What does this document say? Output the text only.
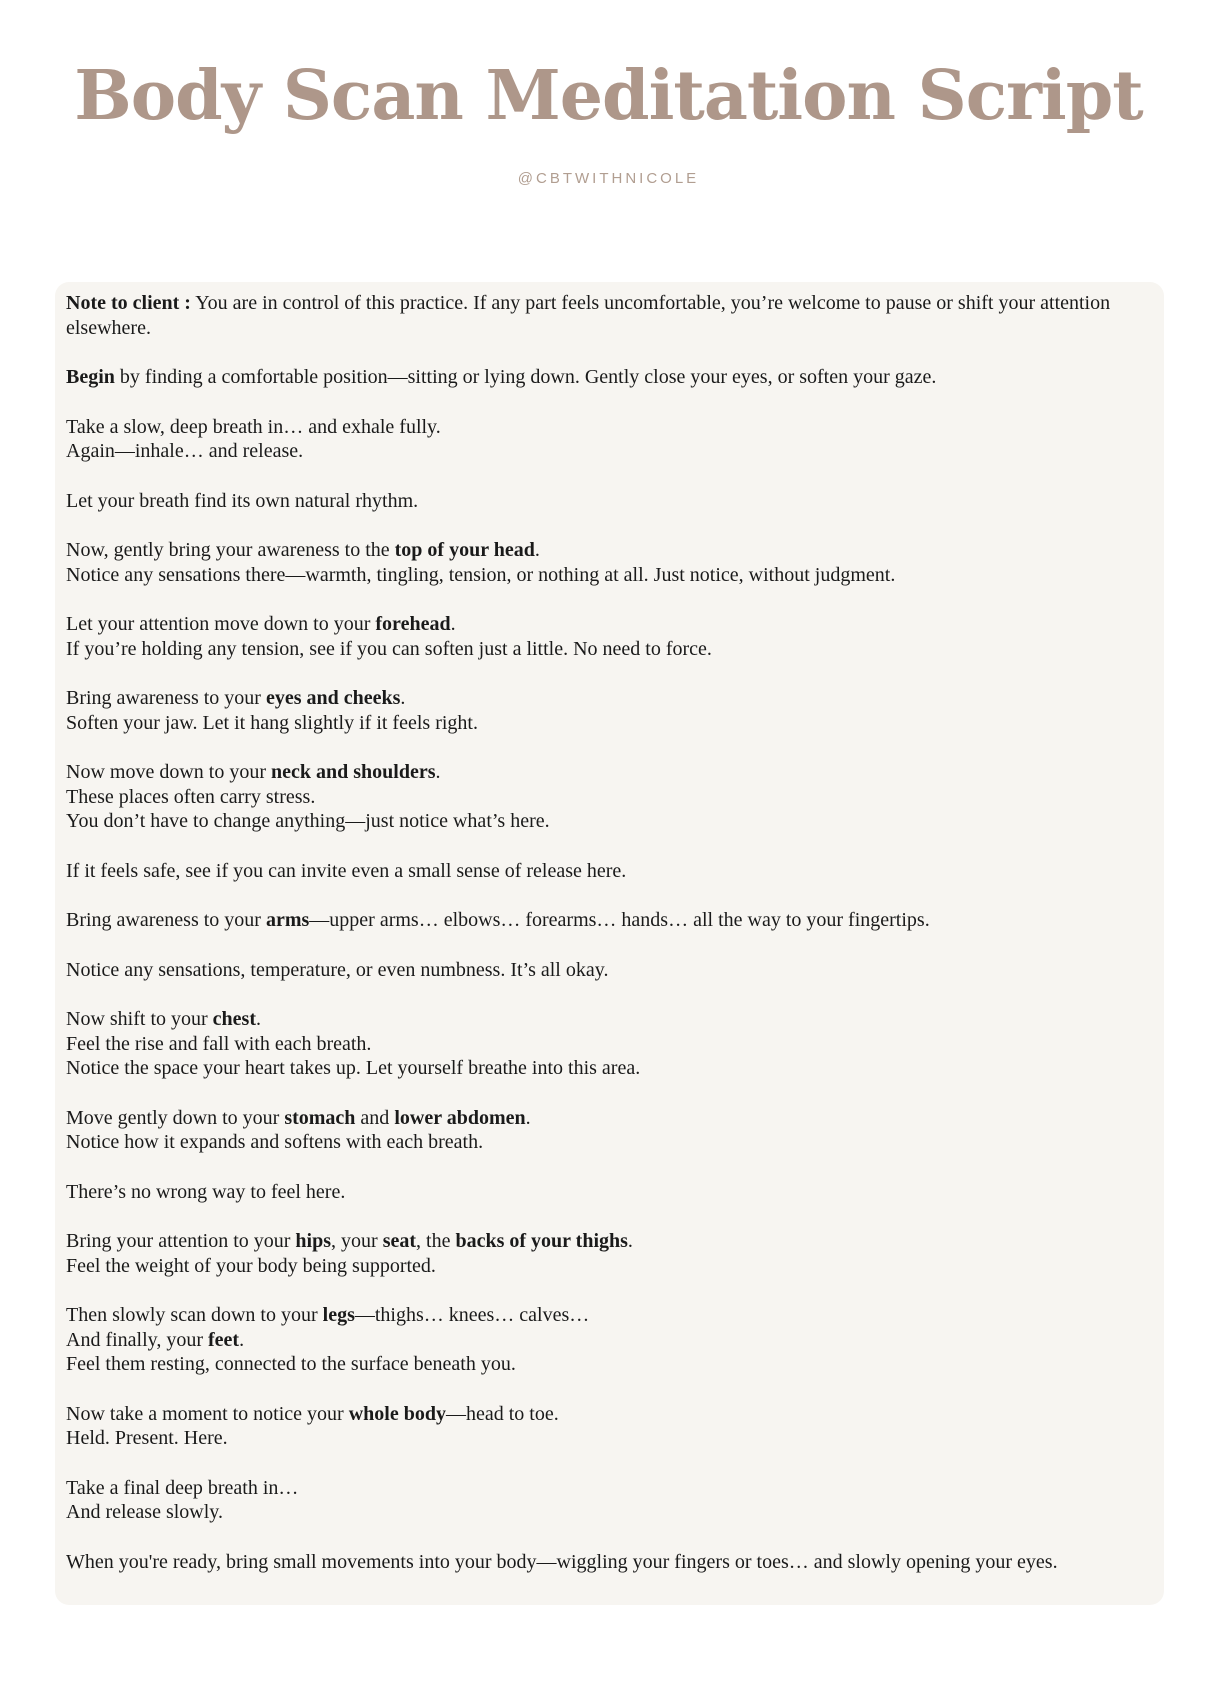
Body Scan Meditation Script
@CBTWITHNICOLE

Note to client : You are in control of this practice. If any part feels uncomfortable, you’re welcome to pause or shift your attention elsewhere.

Begin by finding a comfortable position—sitting or lying down. Gently close your eyes, or soften your gaze.

Take a slow, deep breath in… and exhale fully.
Again—inhale… and release.

Let your breath find its own natural rhythm.

Now, gently bring your awareness to the top of your head.
Notice any sensations there—warmth, tingling, tension, or nothing at all. Just notice, without judgment.

Let your attention move down to your forehead.
If you’re holding any tension, see if you can soften just a little. No need to force.

Bring awareness to your eyes and cheeks.
Soften your jaw. Let it hang slightly if it feels right.

Now move down to your neck and shoulders.
These places often carry stress.
You don’t have to change anything—just notice what’s here.

If it feels safe, see if you can invite even a small sense of release here.

Bring awareness to your arms—upper arms… elbows… forearms… hands… all the way to your fingertips.

Notice any sensations, temperature, or even numbness. It’s all okay.

Now shift to your chest.
Feel the rise and fall with each breath.
Notice the space your heart takes up. Let yourself breathe into this area.

Move gently down to your stomach and lower abdomen.
Notice how it expands and softens with each breath.

There’s no wrong way to feel here.

Bring your attention to your hips, your seat, the backs of your thighs.
Feel the weight of your body being supported.

Then slowly scan down to your legs—thighs… knees… calves…
And finally, your feet.
Feel them resting, connected to the surface beneath you.

Now take a moment to notice your whole body—head to toe.
Held. Present. Here.

Take a final deep breath in…
And release slowly.

When you're ready, bring small movements into your body—wiggling your fingers or toes… and slowly opening your eyes.
